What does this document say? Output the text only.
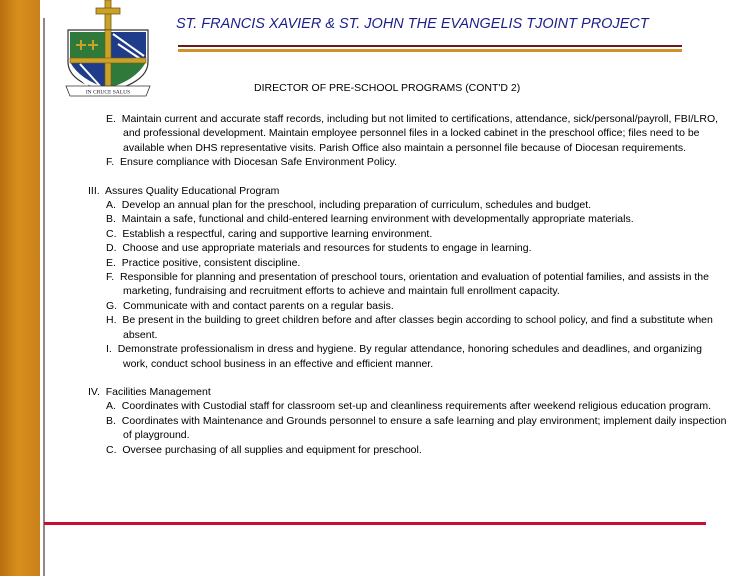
IN CRUCE SALUS
ST. FRANCIS XAVIER & ST. JOHN THE EVANGELIS TJOINT PROJECT
DIRECTOR OF PRE-SCHOOL PROGRAMS (CONT'D 2)
E. Maintain current and accurate staff records, including but not limited to certifications, attendance, sick/personal/payroll, FBI/LRO, and professional development. Maintain employee personnel files in a locked cabinet in the preschool office; files need to be available when DHS representative visits. Parish Office also maintain a personnel file because of Diocesan requirements.
F. Ensure compliance with Diocesan Safe Environment Policy.
III. Assures Quality Educational Program
A. Develop an annual plan for the preschool, including preparation of curriculum, schedules and budget.
B. Maintain a safe, functional and child-entered learning environment with developmentally appropriate materials.
C. Establish a respectful, caring and supportive learning environment.
D. Choose and use appropriate materials and resources for students to engage in learning.
E. Practice positive, consistent discipline.
F. Responsible for planning and presentation of preschool tours, orientation and evaluation of potential families, and assists in the marketing, fundraising and recruitment efforts to achieve and maintain full enrollment capacity.
G. Communicate with and contact parents on a regular basis.
H. Be present in the building to greet children before and after classes begin according to school policy, and find a substitute when absent.
I. Demonstrate professionalism in dress and hygiene. By regular attendance, honoring schedules and deadlines, and organizing work, conduct school business in an effective and efficient manner.
IV. Facilities Management
A. Coordinates with Custodial staff for classroom set-up and cleanliness requirements after weekend religious education program.
B. Coordinates with Maintenance and Grounds personnel to ensure a safe learning and play environment; implement daily inspection of playground.
C. Oversee purchasing of all supplies and equipment for preschool.
